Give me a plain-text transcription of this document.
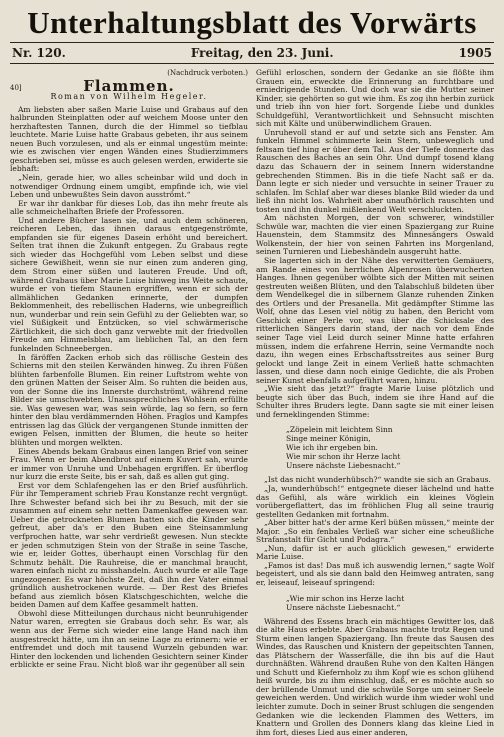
Unterhaltungsblatt des Vorwärts
Nr. 120.	Freitag, den 23. Juni.	1905
(Nachdruck verboten.)
40]	Flammen.
Roman von Wilhelm Hegeler.

Am liebsten aber saßen Marie Luise und Grabaus auf den halbrunden Steinplatten oder auf weichem Moose unter den herzhaftesten Tannen, durch die der Himmel so tiefblau leuchtete. Marie Luise hatte Grabaus gebeten, ihr aus seinem neuen Buch vorzulesen, und als er einmal ungestüm meinte: wie es zwischen vier engen Wänden eines Studierzimmers geschrieben sei, müsse es auch gelesen werden, erwiderte sie lebhaft:

„Nein, gerade hier, wo alles scheinbar wild und doch in notwendiger Ordnung einem umgibt, empfinde ich, wie viel Leben und unbewußtes Sein davon ausströmt.“

Er war ihr dankbar für dieses Lob, das ihn mehr freute als alle schmeichelhaften Briefe der Professoren.

Und andere Bücher lasen sie, und auch dem schöneren, reicheren Leben, das ihnen daraus entgegenströmte, empfanden sie für eigenes Dasein erhöht und bereichert. Selten trat ihnen die Zukunft entgegen. Zu Grabaus regte sich wieder das Hochgefühl vom Leben selbst und diese sichere Gewißheit, wenn sie nur einen zum anderen ging, dem Strom einer süßen und lauteren Freude. Und oft, während Grabaus über Marie Luise hinweg ins Weite schaute, wurde er von tiefem Staunen ergriffen, wenn er sich der allmählichen Gedanken erinnerte, der dumpfen Beklommenheit, des rebellischen Haderns, wie unbegreiflich nun, wunderbar und rein sein Gefühl zu der Geliebten war, so viel Süßigkeit und Entzücken, so viel schwärmerische Zärtlichkeit, die sich doch ganz verwebte mit der friedvollen Freude am Himmelsblau, am lieblichen Tal, an den fern funkelnden Schneebergen.

In färöffen Zacken erhob sich das röllische Gestein des Schierns mit den steilen Kerwänden hinweg. Zu ihren Füßen blühten farbenfolle Blumen. Ein reiner Luftstrom wehte von den grünen Matten der Seiser Alm. So ruhten die beiden aus, von der Sonne die ins Innerste durchströmt, während reine Bilder sie umschwebten. Unaussprechliches Wohlsein erfüllte sie. Was gewesen war, was sein würde, lag so fern, so fern hinter den blau verdämmernden Höhen. Fraglos und Kampfes entrissen lag das Glück der vergangenen Stunde inmitten der ewigen Felsen, inmitten der Blumen, die heute so heiter blühten und morgen welkten.

Eines Abends bekam Grabaus einen langen Brief von seiner Frau. Wenn er beim Abendbrot auf einem Kuvert sah, wurde er immer von Unruhe und Unbehagen ergriffen. Er überflog nur kurz die erste Seite, bis er sah, daß es allen gut ging.

Erst vor dem Schlafengehen las er den Brief ausführlich. Für ihr Temperament schrieb Frau Konstanze recht vergnügt. Ihre Schwester befand sich bei ihr zu Besuch, mit der sie zusammen auf einem sehr netten Damenkaffee gewesen war. Ueber die getrockneten Blumen hatten sich die Kinder sehr gefreut, aber da's er den Buben eine Steinsammlung verfprochen hatte, war sehr verdrießt gewesen. Nun steckte er jeden schmutzigen Stein von der Straße in seine Tasche, wie er, leider Gottes, überhaupt einen Vorschlag für den Schmutz behält. Die Rauhreise, die er manchmal braucht, waren einfach nicht zu misshandeln. Auch wurde er alle Tage ungezogener. Es war höchste Zeit, daß ihn der Vater einmal gründlich aushetrockenen wurde. — Der Rest des Briefes befand aus ziemlich bösen Klatschgeschichten, welche die beiden Damen auf dem Kaffee gesammelt hatten.

Obwohl diese Mitteilungen durchaus nicht beunruhigender Natur waren, erregten sie Grabaus doch sehr. Es war, als wenn aus der Ferne sich wieder eine lange Hand nach ihm ausgestreckt hätte, um ihn an seine Lage zu erinnern: wie er entfremdet und doch mit tausend Wurzeln gebunden war. Hinter den lockenden und lichenden Gesichtern seiner Kinder erblickte er seine Frau. Nicht bloß war ihr gegenüber all sein

Gefühl erloschen, sondern der Gedanke an sie flößte ihm Grauen ein, erweckte die Erinnerung an furchtbare und erniedrigende Stunden. Und doch war sie die Mutter seiner Kinder, sie gehörten so gut wie ihm. Es zog ihn herbin zurück und trieb ihn von hier fort. Sorgende Liebe und dunkles Schuldgefühl, Verantwortlichkeit und Sehnsucht mischten sich mit Kälte und unüberwindlichem Grauen.

Unruhevoll stand er auf und setzte sich ans Fenster. Am funkeln Himmel schimmerte kein Stern, unbeweglich und feltsam tief hing er über dem Tal. Aus der Tiefe donnerte das Rauschen des Baches an sein Ohr. Und dumpf tosend klang dazu das Schauern der in seinem Innern widerstandne gebrechenden Stimmen. Bis in die tiefe Nacht saß er da. Dann legte er sich nieder und versuchte in seiner Trauer zu schlafen. Im Schlaf aber war dieses blanke Bild wieder da und ließ ihn nicht los. Wahrheit aber unaufhörlich rauschten und tosten und ihn dunkel mißlenkend Welt verschluckten.

Am nächsten Morgen, der von schwerer, windstiller Schwüle war, machten die vier einen Spaziergang zur Ruine Hauenstein, dem Stammsitz des Minnesängers Oswald Wolkenstein, der hier von seinen Fahrten ins Morgenland, seinen Turnieren und Liebeshändeln ausgeruht hatte.

Sie lagerten sich in der Nähe des verwitterten Gemäuers, am Rande eines von herrlichen Alpenrosen überwucherten Hanges. Ihnen gegenüber wölbte sich der Mitten mit seinen gestreuten weißen Blüten, und den Talabschluß bildeten über dem Wendelkegel die in silbernem Glanze ruhenden Zinken des Ortlers und der Presanella. Mit gedämpfter Stimme las Wolf, ohne das Lesen viel nötig zu haben, den Bericht vom Geschick einer Perle vor, was über die Schicksale des ritterlichen Sängers darin stand, der nach vor dem Ende seiner Tage viel Leid durch seiner Minne hatte erfahren müssen, indem die erfahrene Herrin, seine Vermandte noch dazu, ihn wegen eines Erbschaftsstreites aus seiner Burg gelockt und lange Zeit in einem Verließ hatte schmachten lassen, und diese dann noch einige Gedichte, die als Proben seiner Kunst ebenfalls aufgeführt waren, hinzu.

„Wie sieht das jetzt?“ fragte Marie Luise plötzlich und beugte sich über das Buch, indem sie ihre Hand auf die Schulter ihres Bruders legte. Dann sagte sie mit einer leisen und ferneklingenden Stimme:

„Zöpelein mit leichtem Sinn
Singe meiner Königin,
Wie ich ihr ergeben bin.
Wie mir schon ihr Herze lacht
Unsere nächste Liebesnacht.“

„Ist das nicht wunderhübsch?“ wandte sie sich an Grabaus.

„Ja, wunderhübsch!“ entgegnete dieser lächelnd und hatte das Gefühl, als wäre wirklich ein kleines Vöglein vorübergeflattert, das im fröhlichen Flug all seine traurig gestellten Gedanken mit fortnahm.

„Aber bitter hat's der arme Kerl büßen müssen,“ meinte der Major. „So ein fenbales Verließ war sicher eine scheußliche Strafanstalt für Gicht und Podagra.“

„Nun, dafür ist er auch glücklich gewesen,“ erwiderte Marie Luise.

„Famos ist das! Das muß ich auswendig lernen,“ sagte Wolf begeistert, und als sie dann bald den Heimweg antraten, sang er, leiseauf, leiseauf springend:

„Wie mir schon ins Herze lacht
Unsere nächste Liebesnacht.“

Während des Essens brach ein mächtiges Gewitter los, daß die alte Haus erbebte. Aber Grabaus machte trotz Regen und Sturm einen langen Spaziergang. Ihn freute das Sausen des Windes, das Rauschen und Knistern der gepeitschten Tannen, das Plätschern der Wasserfälle, die ihn bis auf die Haut durchnäßten. Während draußen Ruhe von den Kalten Hängen und Schutt und Kiefernholz zu ihm Kopf wie es schon glühend heiß wurde, bis zu ihm einschlug, daß, er es möchte auch so der brüllende Unmut und die schwüle Sorge um seiner Seele geweichen werden. Und wirklich wurde ihm wieder wohl und leichter zumute. Doch in seiner Brust schlugen die sengenden Gedanken wie die leckenden Flammen des Wetters, im Knattern und Grollen des Donners klang das kleine Lied in ihm fort, dieses Lied aus einer anderen,
